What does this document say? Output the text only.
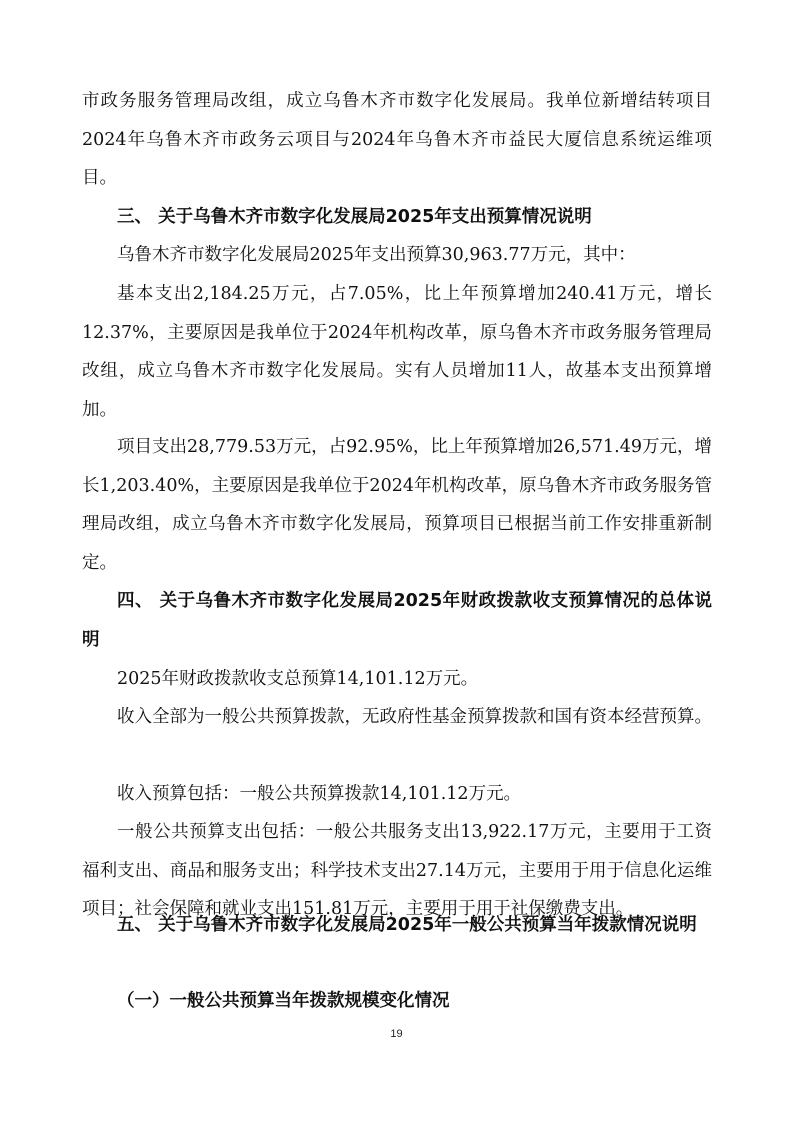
市政务服务管理局改组，成立乌鲁木齐市数字化发展局。我单位新增结转项目2024年乌鲁木齐市政务云项目与2024年乌鲁木齐市益民大厦信息系统运维项目。

三、 关于乌鲁木齐市数字化发展局2025年支出预算情况说明

乌鲁木齐市数字化发展局2025年支出预算30,963.77万元，其中：

基本支出2,184.25万元，占7.05%，比上年预算增加240.41万元，增长12.37%，主要原因是我单位于2024年机构改革，原乌鲁木齐市政务服务管理局改组，成立乌鲁木齐市数字化发展局。实有人员增加11人，故基本支出预算增加。

项目支出28,779.53万元，占92.95%，比上年预算增加26,571.49万元，增长1,203.40%，主要原因是我单位于2024年机构改革，原乌鲁木齐市政务服务管理局改组，成立乌鲁木齐市数字化发展局，预算项目已根据当前工作安排重新制定。

四、 关于乌鲁木齐市数字化发展局2025年财政拨款收支预算情况的总体说明

2025年财政拨款收支总预算14,101.12万元。

收入全部为一般公共预算拨款，无政府性基金预算拨款和国有资本经营预算。

收入预算包括：一般公共预算拨款14,101.12万元。

一般公共预算支出包括：一般公共服务支出13,922.17万元，主要用于工资福利支出、商品和服务支出；科学技术支出27.14万元，主要用于用于信息化运维项目；社会保障和就业支出151.81万元，主要用于用于社保缴费支出。

五、 关于乌鲁木齐市数字化发展局2025年一般公共预算当年拨款情况说明

（一）一般公共预算当年拨款规模变化情况

19
